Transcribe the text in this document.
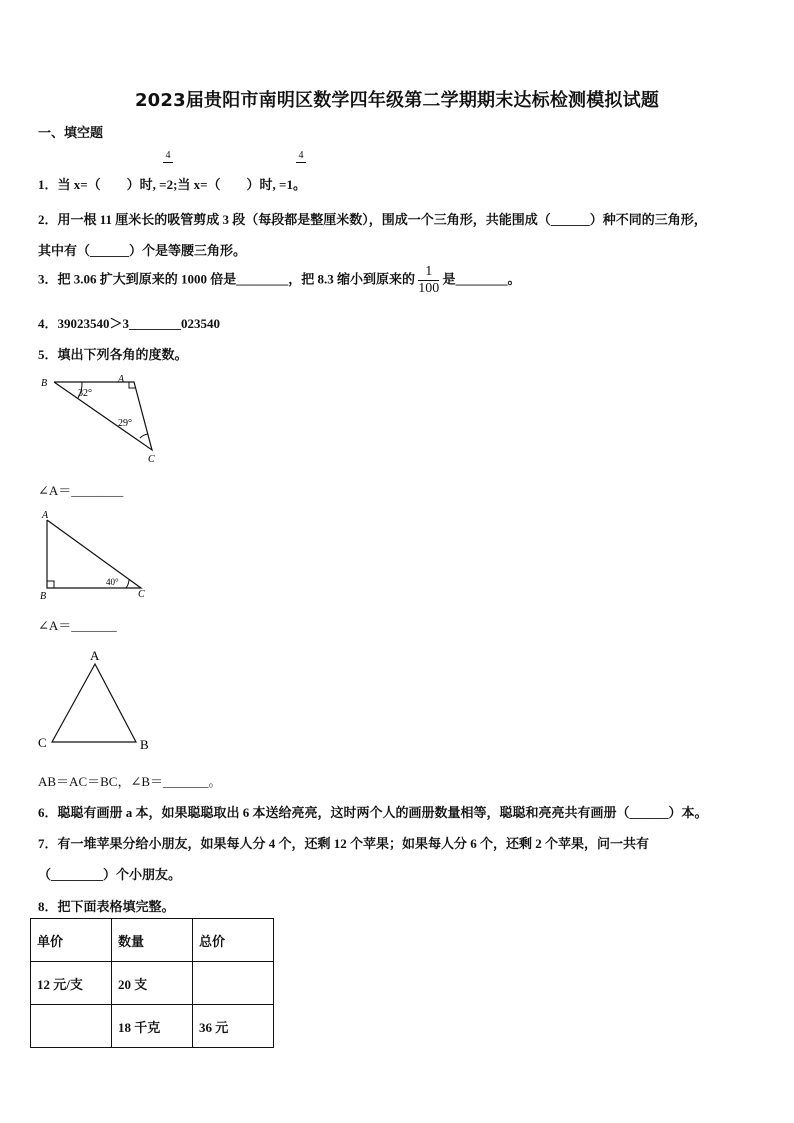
2023届贵阳市南明区数学四年级第二学期期末达标检测模拟试题
一、填空题
4	4
1．当 x=（　　）时, =2;当 x=（　　）时, =1。
2．用一根 11 厘米长的吸管剪成 3 段（每段都是整厘米数），围成一个三角形，共能围成（______）种不同的三角形，
其中有（______）个是等腰三角形。
3．把 3.06 扩大到原来的 1000 倍是________，把 8.3 缩小到原来的 $\frac{1}{100}$ 是________。
4．39023540＞3________023540
5．填出下列各角的度数。
B	A
C
32°
29°
∠A＝________
A
B	C
40°
∠A＝_______
A
C	B
AB＝AC＝BC，∠B＝_______。
6．聪聪有画册 a 本，如果聪聪取出 6 本送给亮亮，这时两个人的画册数量相等，聪聪和亮亮共有画册（______）本。
7．有一堆苹果分给小朋友，如果每人分 4 个，还剩 12 个苹果；如果每人分 6 个，还剩 2 个苹果，问一共有
（________）个小朋友。
8．把下面表格填完整。
单价	数量	总价
12 元/支	20 支	
	18 千克	36 元
